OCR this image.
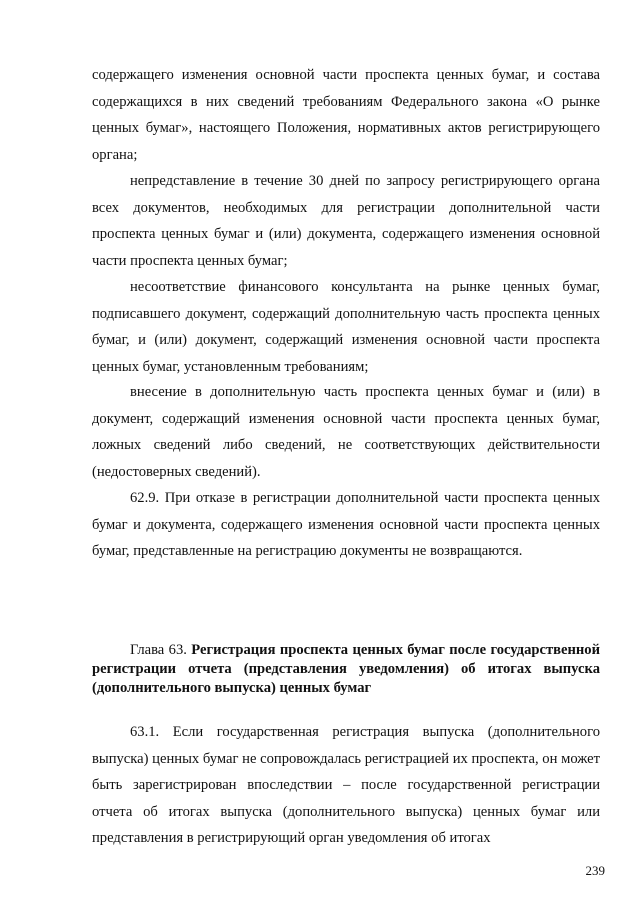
содержащего изменения основной части проспекта ценных бумаг, и состава содержащихся в них сведений требованиям Федерального закона «О рынке ценных бумаг», настоящего Положения, нормативных актов регистрирующего органа;

непредставление в течение 30 дней по запросу регистрирующего органа всех документов, необходимых для регистрации дополнительной части проспекта ценных бумаг и (или) документа, содержащего изменения основной части проспекта ценных бумаг;

несоответствие финансового консультанта на рынке ценных бумаг, подписавшего документ, содержащий дополнительную часть проспекта ценных бумаг, и (или) документ, содержащий изменения основной части проспекта ценных бумаг, установленным требованиям;

внесение в дополнительную часть проспекта ценных бумаг и (или) в документ, содержащий изменения основной части проспекта ценных бумаг, ложных сведений либо сведений, не соответствующих действительности (недостоверных сведений).

62.9. При отказе в регистрации дополнительной части проспекта ценных бумаг и документа, содержащего изменения основной части проспекта ценных бумаг, представленные на регистрацию документы не возвращаются.

Глава 63. Регистрация проспекта ценных бумаг после государственной регистрации отчета (представления уведомления) об итогах выпуска (дополнительного выпуска) ценных бумаг

63.1. Если государственная регистрация выпуска (дополнительного выпуска) ценных бумаг не сопровождалась регистрацией их проспекта, он может быть зарегистрирован впоследствии – после государственной регистрации отчета об итогах выпуска (дополнительного выпуска) ценных бумаг или представления в регистрирующий орган уведомления об итогах

239
